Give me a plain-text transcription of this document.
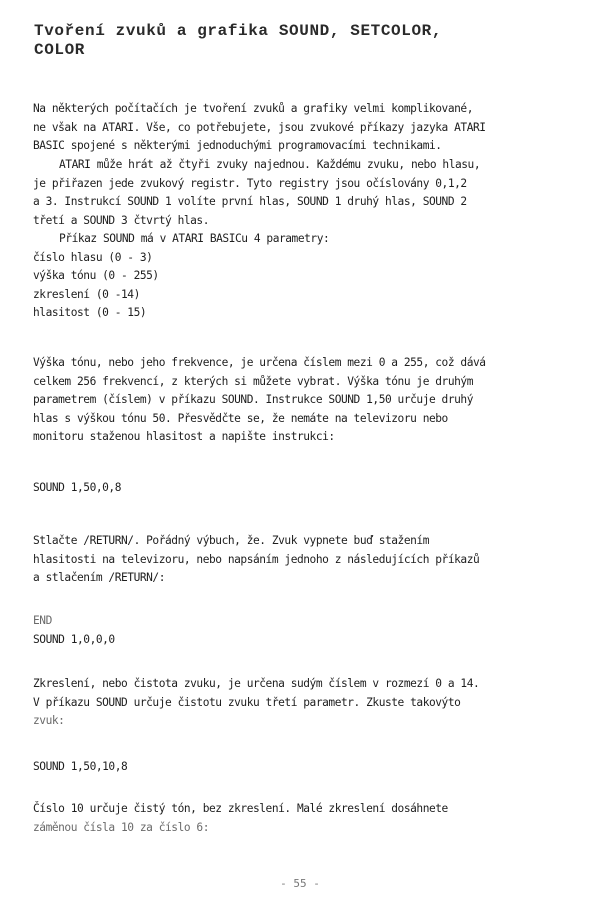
Tvoření zvuků a grafika SOUND, SETCOLOR,
COLOR
Na některých počítačích je tvoření zvuků a grafiky velmi komplikované,
ne však na ATARI. Vše, co potřebujete, jsou zvukové příkazy jazyka ATARI
BASIC spojené s některými jednoduchými programovacími technikami.
ATARI může hrát až čtyři zvuky najednou. Každému zvuku, nebo hlasu,
je přiřazen jede zvukový registr. Tyto registry jsou očíslovány 0,1,2
a 3. Instrukcí SOUND 1 volíte první hlas, SOUND 1 druhý hlas, SOUND 2
třetí a SOUND 3 čtvrtý hlas.
Příkaz SOUND má v ATARI BASICu 4 parametry:
číslo hlasu (0 - 3)
výška tónu (0 - 255)
zkreslení (0 -14)
hlasitost (0 - 15)
Výška tónu, nebo jeho frekvence, je určena číslem mezi 0 a 255, což dává
celkem 256 frekvencí, z kterých si můžete vybrat. Výška tónu je druhým
parametrem (číslem) v příkazu SOUND. Instrukce SOUND 1,50 určuje druhý
hlas s výškou tónu 50. Přesvědčte se, že nemáte na televizoru nebo
monitoru staženou hlasitost a napište instrukci:
SOUND 1,50,0,8
Stlačte /RETURN/. Pořádný výbuch, že. Zvuk vypnete buď stažením
hlasitosti na televizoru, nebo napsáním jednoho z následujících příkazů
a stlačením /RETURN/:
END
SOUND 1,0,0,0
Zkreslení, nebo čistota zvuku, je určena sudým číslem v rozmezí 0 a 14.
V příkazu SOUND určuje čistotu zvuku třetí parametr. Zkuste takovýto
zvuk:
SOUND 1,50,10,8
Číslo 10 určuje čistý tón, bez zkreslení. Malé zkreslení dosáhnete
záměnou čísla 10 za číslo 6:
- 55 -
